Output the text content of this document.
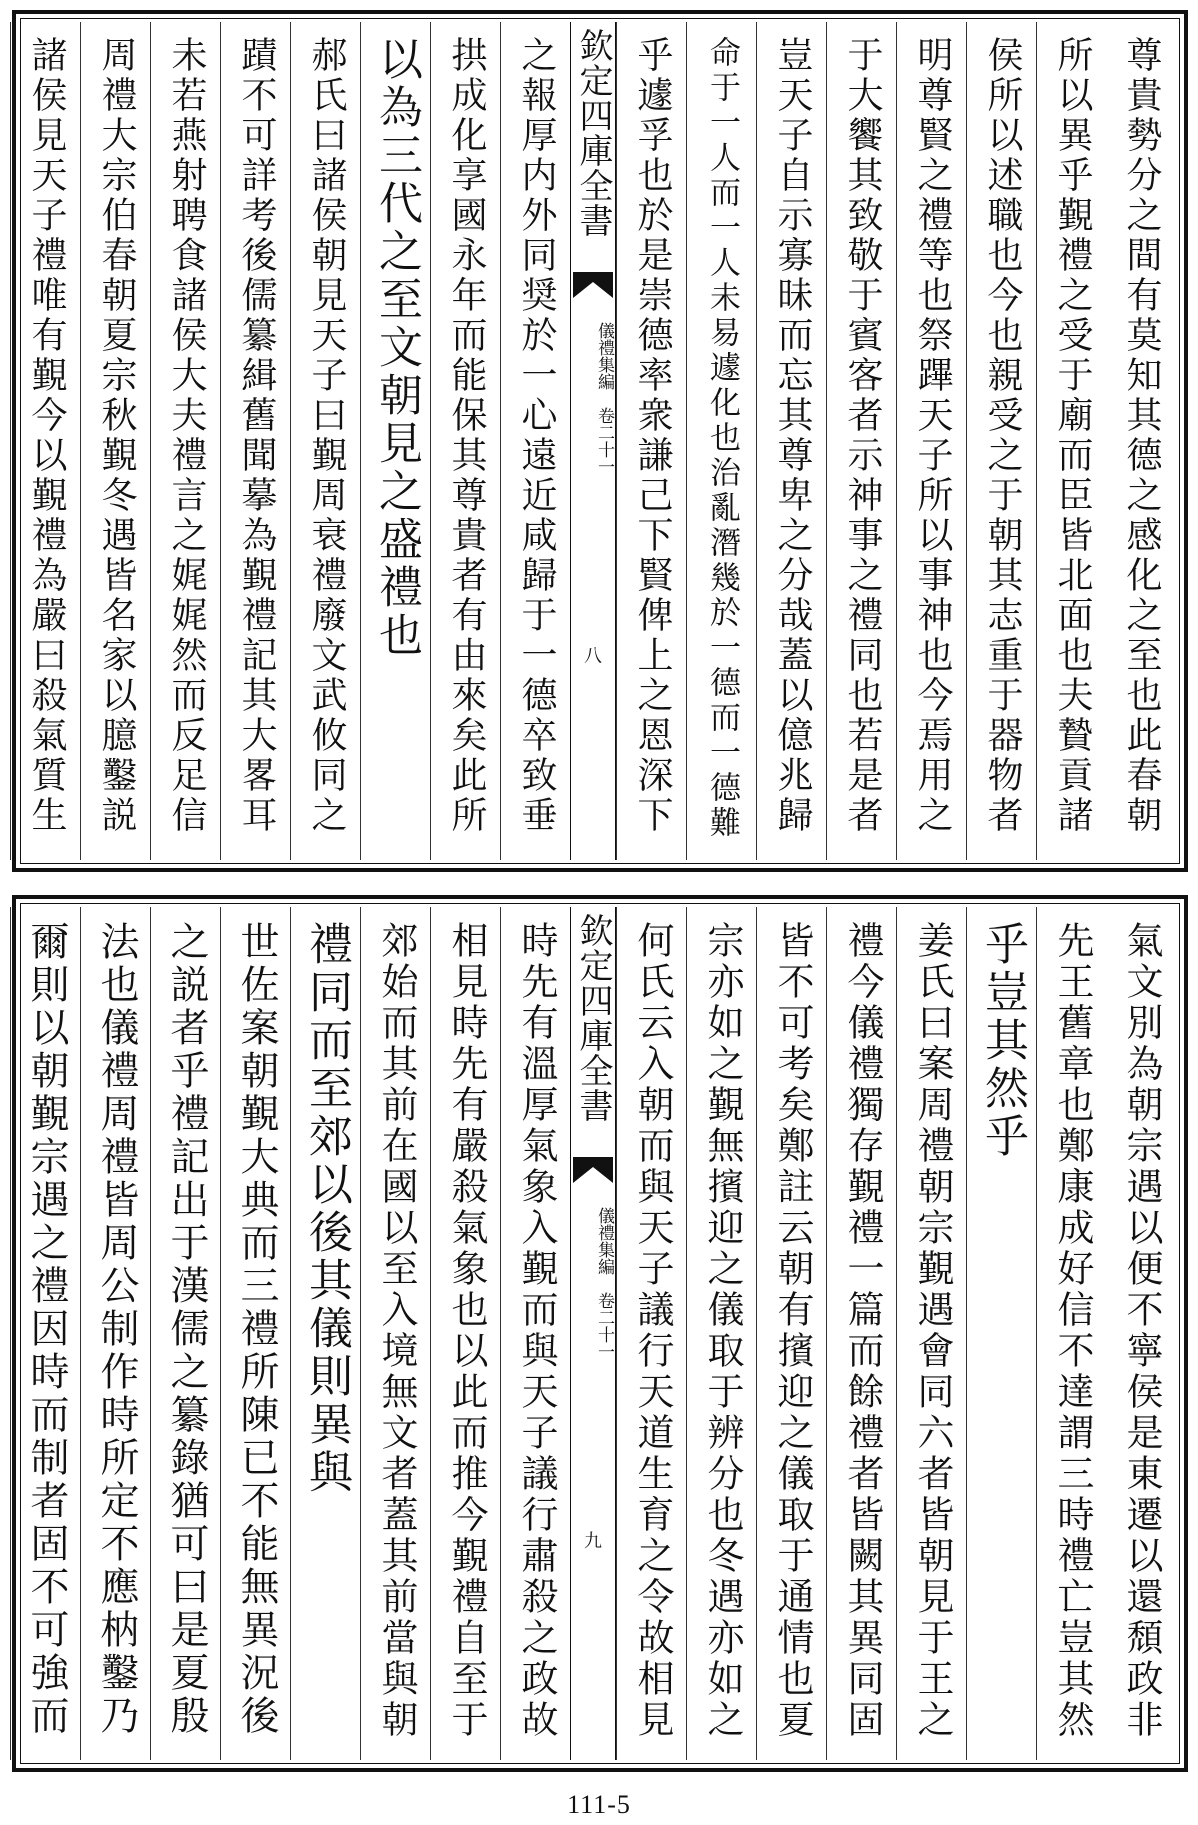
尊貴勢分之間有莫知其德之感化之至也此春朝
所以異乎覲禮之受于廟而臣皆北面也夫贄貢諸
侯所以述職也今也親受之于朝其志重于器物者
明尊賢之禮等也祭蹕天子所以事神也今焉用之
于大饗其致敬于賓客者示神事之禮同也若是者
豈天子自示寡昧而忘其尊卑之分哉蓋以億兆歸
命于一人而一人未易遽化也治亂潛幾於一德而一德難
乎遽孚也於是崇德率衆謙己下賢俾上之恩深下
欽定四庫全書
儀禮集編　卷二十一
八
之報厚内外同奨於一心遠近咸歸于一德卒致垂
拱成化享國永年而能保其尊貴者有由來矣此所
以為三代之至文朝見之盛禮也
郝氏曰諸侯朝見天子曰覲周衰禮廢文武攸同之
蹟不可詳考後儒纂緝舊聞摹為覲禮記其大畧耳
未若燕射聘食諸侯大夫禮言之娓娓然而反足信
周禮大宗伯春朝夏宗秋覲冬遇皆名家以臆鑿説
諸侯見天子禮唯有覲今以覲禮為嚴曰殺氣質生
氣文別為朝宗遇以便不寧侯是東遷以還頹政非
先王舊章也鄭康成好信不達謂三時禮亡豈其然
乎豈其然乎
姜氏曰案周禮朝宗覲遇會同六者皆朝見于王之
禮今儀禮獨存覲禮一篇而餘禮者皆闕其異同固
皆不可考矣鄭註云朝有擯迎之儀取于通情也夏
宗亦如之覲無擯迎之儀取于辨分也冬遇亦如之
何氏云入朝而與天子議行天道生育之令故相見
欽定四庫全書
儀禮集編　卷二十一
九
時先有溫厚氣象入覲而與天子議行肅殺之政故
相見時先有嚴殺氣象也以此而推今覲禮自至于
郊始而其前在國以至入境無文者蓋其前當與朝
禮同而至郊以後其儀則異與
世佐案朝覲大典而三禮所陳已不能無異況後
之説者乎禮記出于漢儒之纂錄猶可曰是夏殷
法也儀禮周禮皆周公制作時所定不應枘鑿乃
爾則以朝覲宗遇之禮因時而制者固不可強而
111-5
